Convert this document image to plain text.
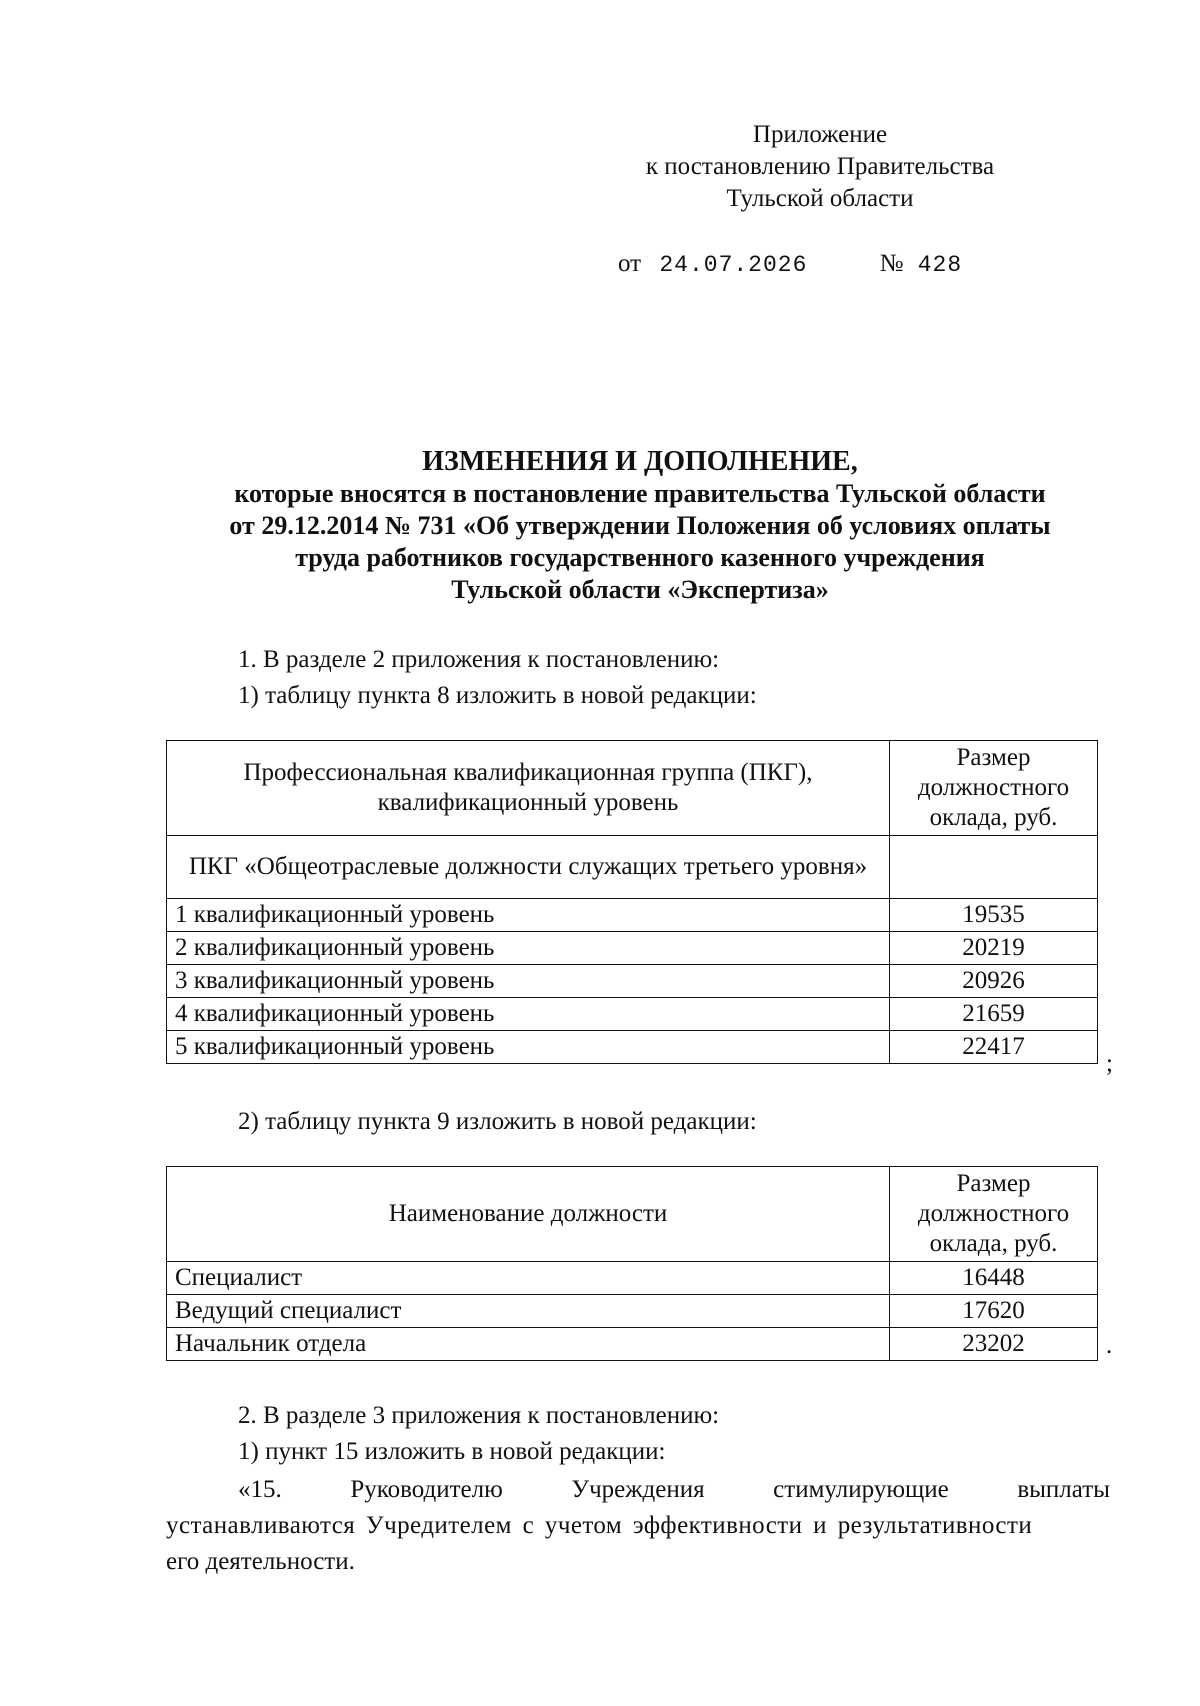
Приложение
к постановлению Правительства
Тульской области
от 24.07.2026	№ 428
ИЗМЕНЕНИЯ И ДОПОЛНЕНИЕ,
которые вносятся в постановление правительства Тульской области
от 29.12.2014 № 731 «Об утверждении Положения об условиях оплаты
труда работников государственного казенного учреждения
Тульской области «Экспертиза»
1. В разделе 2 приложения к постановлению:
1) таблицу пункта 8 изложить в новой редакции:
Профессиональная квалификационная группа (ПКГ), квалификационный уровень	Размер должностного оклада, руб.
ПКГ «Общеотраслевые должности служащих третьего уровня»	
1 квалификационный уровень	19535
2 квалификационный уровень	20219
3 квалификационный уровень	20926
4 квалификационный уровень	21659
5 квалификационный уровень	22417
;
2) таблицу пункта 9 изложить в новой редакции:
Наименование должности	Размер должностного оклада, руб.
Специалист	16448
Ведущий специалист	17620
Начальник отдела	23202	.
2. В разделе 3 приложения к постановлению:
1) пункт 15 изложить в новой редакции:
«15.	Руководителю	Учреждения	стимулирующие	выплаты
устанавливаются Учредителем с учетом эффективности и результативности
его деятельности.
